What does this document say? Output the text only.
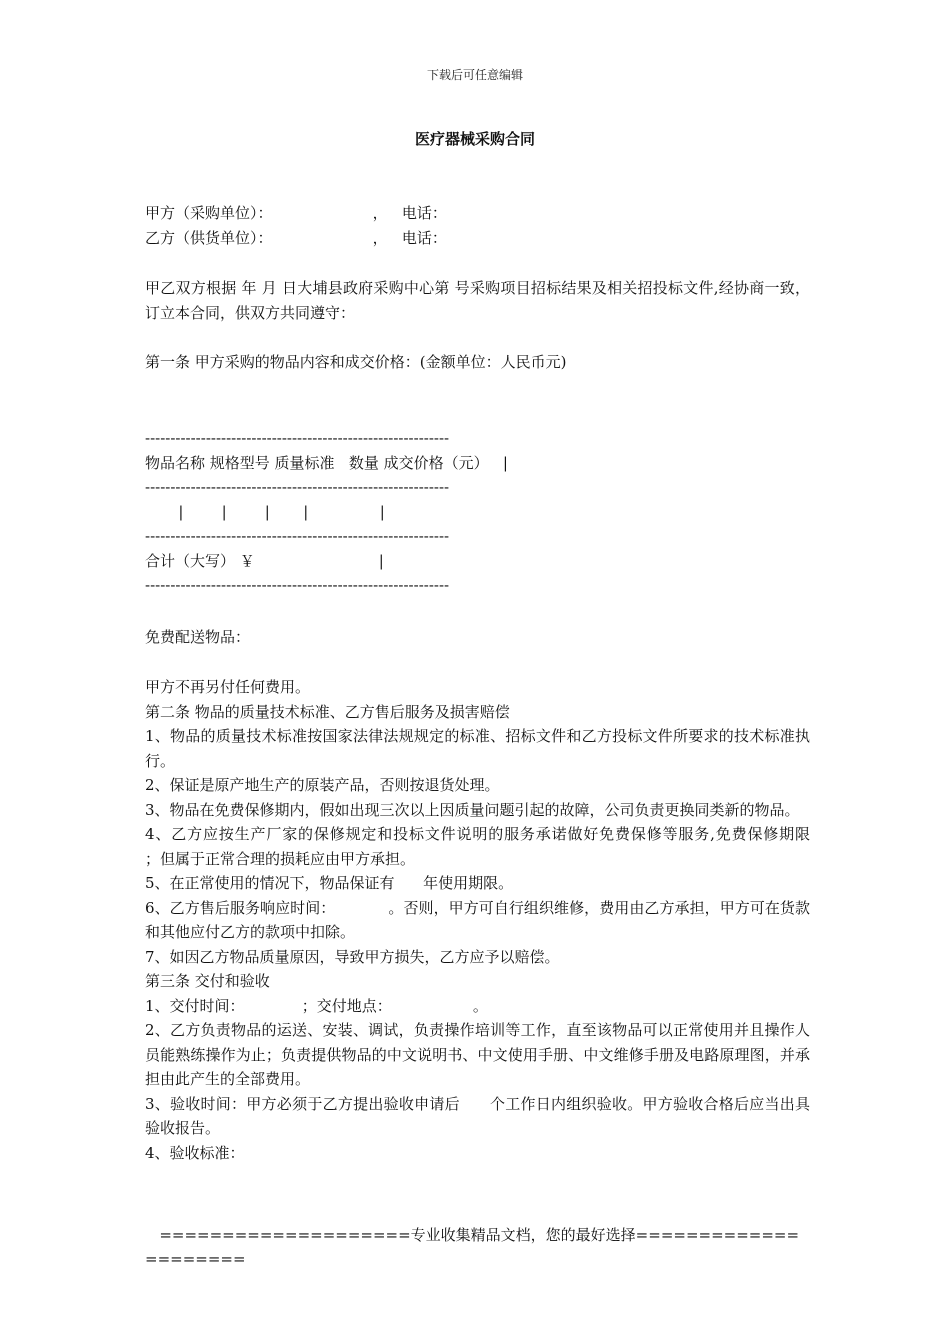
下载后可任意编辑
医疗器械采购合同
甲方（采购单位）：                     ，   电话：
乙方（供货单位）：                     ，   电话：
甲乙双方根据 年 月 日大埔县政府采购中心第 号采购项目招标结果及相关招投标文件,经协商一致，订立本合同，供双方共同遵守：
第一条 甲方采购的物品内容和成交价格：(金额单位：人民币元)
------------------------------------------------------------
物品名称 规格型号 质量标准   数量 成交价格（元）   |
------------------------------------------------------------
|        |        |       |               |
------------------------------------------------------------
合计（大写） ￥                          |
------------------------------------------------------------
免费配送物品：
甲方不再另付任何费用。
第二条 物品的质量技术标准、乙方售后服务及损害赔偿
1、物品的质量技术标准按国家法律法规规定的标准、招标文件和乙方投标文件所要求的技术标准执行。
2、保证是原产地生产的原装产品，否则按退货处理。
3、物品在免费保修期内，假如出现三次以上因质量问题引起的故障，公司负责更换同类新的物品。
4、乙方应按生产厂家的保修规定和投标文件说明的服务承诺做好免费保修等服务,免费保修期限        ；但属于正常合理的损耗应由甲方承担。
5、在正常使用的情况下，物品保证有      年使用期限。
6、乙方售后服务响应时间：           。否则，甲方可自行组织维修，费用由乙方承担，甲方可在货款和其他应付乙方的款项中扣除。
7、如因乙方物品质量原因，导致甲方损失，乙方应予以赔偿。
第三条 交付和验收
1、交付时间：            ；交付地点：                 。
2、乙方负责物品的运送、安装、调试，负责操作培训等工作，直至该物品可以正常使用并且操作人员能熟练操作为止；负责提供物品的中文说明书、中文使用手册、中文维修手册及电路原理图，并承担由此产生的全部费用。
3、验收时间：甲方必须于乙方提出验收申请后      个工作日内组织验收。甲方验收合格后应当出具验收报告。
4、验收标准：
====================专业收集精品文档，您的最好选择=====================
